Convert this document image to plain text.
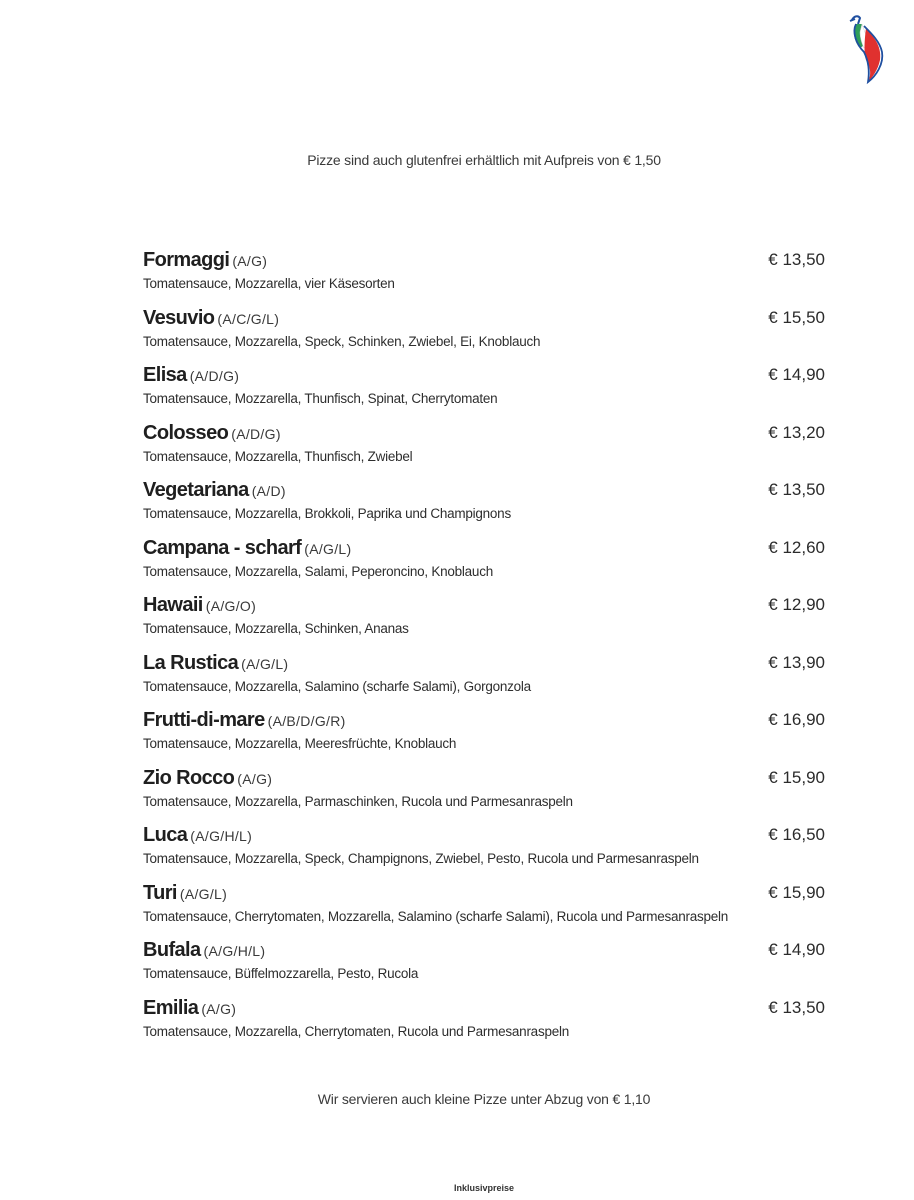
Pizze sind auch glutenfrei erhältlich mit Aufpreis von € 1,50
Formaggi (A/G)
Tomatensauce, Mozzarella, vier Käsesorten
€ 13,50
Vesuvio (A/C/G/L)
Tomatensauce, Mozzarella, Speck, Schinken, Zwiebel, Ei, Knoblauch
€ 15,50
Elisa (A/D/G)
Tomatensauce, Mozzarella, Thunfisch, Spinat, Cherrytomaten
€ 14,90
Colosseo (A/D/G)
Tomatensauce, Mozzarella, Thunfisch, Zwiebel
€ 13,20
Vegetariana (A/D)
Tomatensauce, Mozzarella, Brokkoli, Paprika und Champignons
€ 13,50
Campana - scharf (A/G/L)
Tomatensauce, Mozzarella, Salami, Peperoncino, Knoblauch
€ 12,60
Hawaii (A/G/O)
Tomatensauce, Mozzarella, Schinken, Ananas
€ 12,90
La Rustica (A/G/L)
Tomatensauce, Mozzarella, Salamino (scharfe Salami), Gorgonzola
€ 13,90
Frutti-di-mare (A/B/D/G/R)
Tomatensauce, Mozzarella, Meeresfrüchte, Knoblauch
€ 16,90
Zio Rocco (A/G)
Tomatensauce, Mozzarella, Parmaschinken, Rucola und Parmesanraspeln
€ 15,90
Luca (A/G/H/L)
Tomatensauce, Mozzarella, Speck, Champignons, Zwiebel, Pesto, Rucola und Parmesanraspeln
€ 16,50
Turi (A/G/L)
Tomatensauce, Cherrytomaten, Mozzarella, Salamino (scharfe Salami), Rucola und Parmesanraspeln
€ 15,90
Bufala (A/G/H/L)
Tomatensauce, Büffelmozzarella, Pesto, Rucola
€ 14,90
Emilia (A/G)
Tomatensauce, Mozzarella, Cherrytomaten, Rucola und Parmesanraspeln
€ 13,50
Wir servieren auch kleine Pizze unter Abzug von € 1,10
Inklusivpreise
